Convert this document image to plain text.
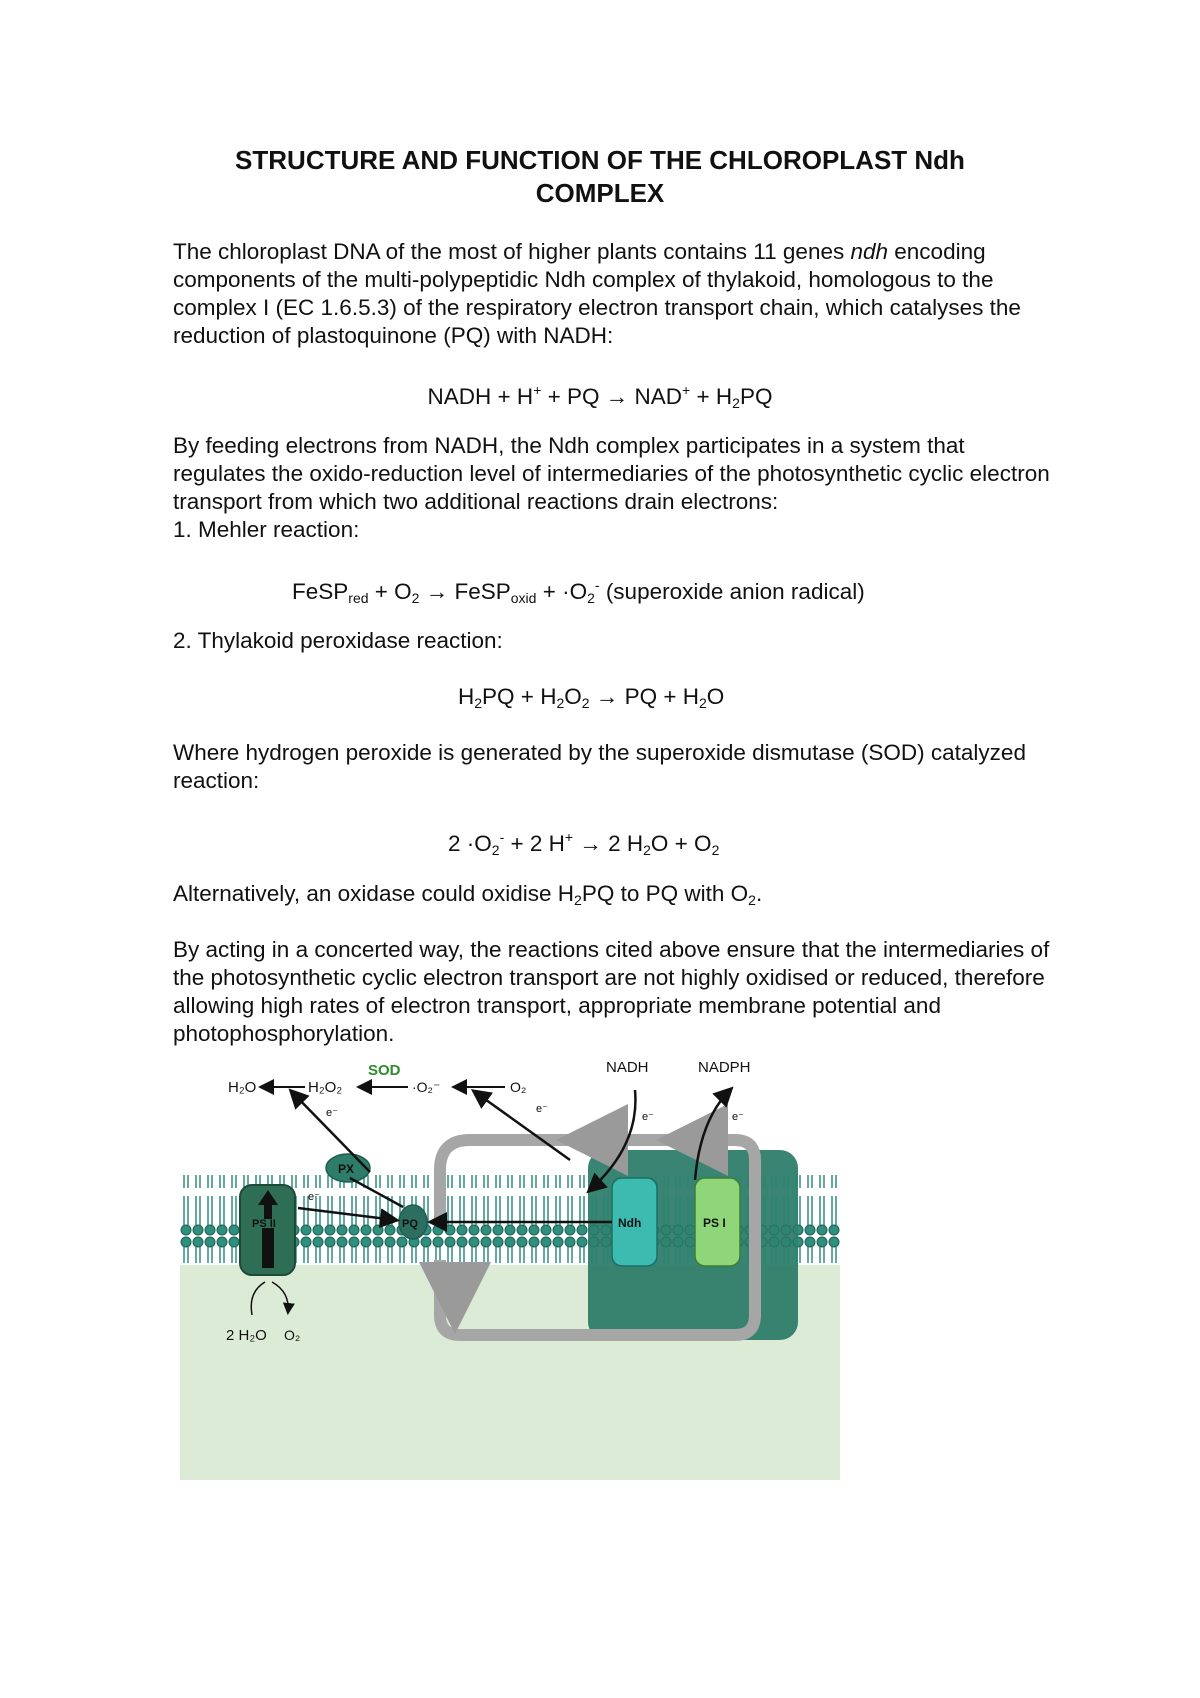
STRUCTURE AND FUNCTION OF THE CHLOROPLAST Ndh
COMPLEX
The chloroplast DNA of the most of higher plants contains 11 genes ndh encoding components of the multi-polypeptidic Ndh complex of thylakoid, homologous to the complex I (EC 1.6.5.3) of the respiratory electron transport chain, which catalyses the reduction of plastoquinone (PQ) with NADH:
NADH + H+ + PQ → $NAD^+ + H_2PQ$
By feeding electrons from NADH, the Ndh complex participates in a system that regulates the oxido-reduction level of intermediaries of the photosynthetic cyclic electron transport from which two additional reactions drain electrons:
1. Mehler reaction:
FeSP$_{red}$ + $O_2$ → FeSP$_{oxid}$ + $\cdot O_2^-$ (superoxide anion radical)
2. Thylakoid peroxidase reaction:
$H_2PQ + H_2O_2$ → PQ + $H_2O$
Where hydrogen peroxide is generated by the superoxide dismutase (SOD) catalyzed reaction:
$2 \cdot O_2^- + 2$ H+ → 2 $H_2O + O_2$
Alternatively, an oxidase could oxidise $H_2PQ$ to PQ with $O_2$.
By acting in a concerted way, the reactions cited above ensure that the intermediaries of the photosynthetic cyclic electron transport are not highly oxidised or reduced, therefore allowing high rates of electron transport, appropriate membrane potential and photophosphorylation.
PS II
PX
PQ	Ndh	PS I
H₂O	H₂O₂
SOD
·O₂⁻	O₂
NADH	NADPH
e⁻	e⁻
e⁻	e⁻
e⁻
2 H₂O O₂
